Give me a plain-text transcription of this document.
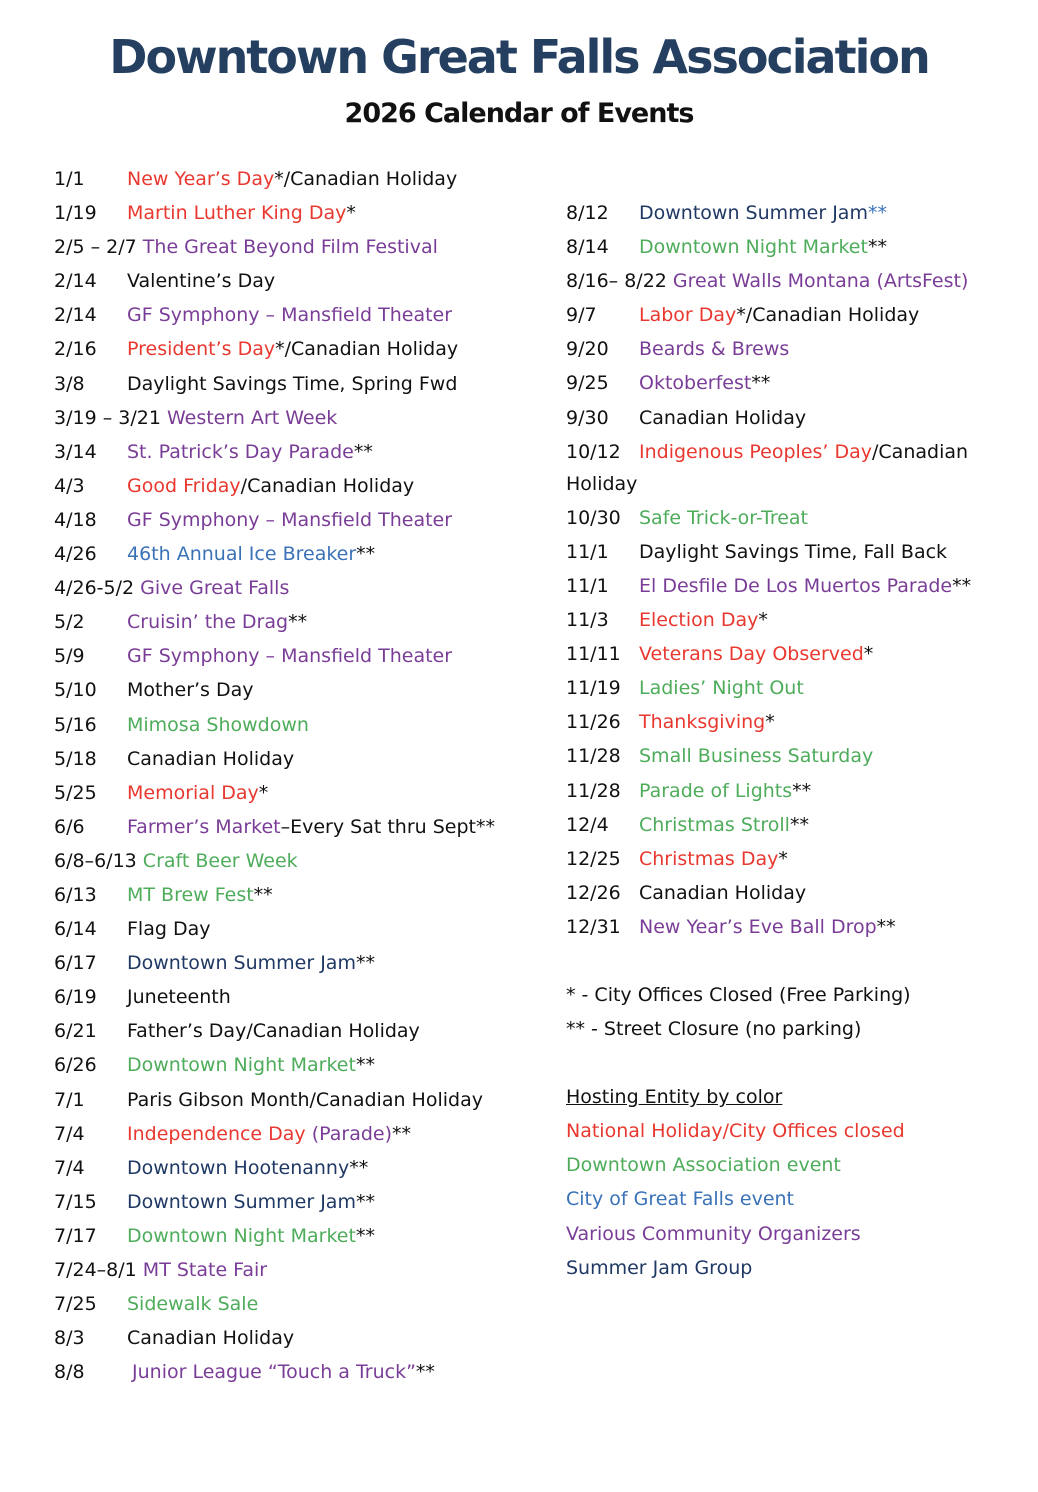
Downtown Great Falls Association
2026 Calendar of Events
1/1 New Year’s Day*/Canadian Holiday
1/19 Martin Luther King Day*
2/5 – 2/7 The Great Beyond Film Festival
2/14 Valentine’s Day
2/14 GF Symphony – Mansfield Theater
2/16 President’s Day*/Canadian Holiday
3/8 Daylight Savings Time, Spring Fwd
3/19 – 3/21 Western Art Week
3/14 St. Patrick’s Day Parade**
4/3 Good Friday/Canadian Holiday
4/18 GF Symphony – Mansfield Theater
4/26 46th Annual Ice Breaker**
4/26-5/2 Give Great Falls
5/2 Cruisin’ the Drag**
5/9 GF Symphony – Mansfield Theater
5/10 Mother’s Day
5/16 Mimosa Showdown
5/18 Canadian Holiday
5/25 Memorial Day*
6/6 Farmer’s Market–Every Sat thru Sept**
6/8–6/13 Craft Beer Week
6/13 MT Brew Fest**
6/14 Flag Day
6/17 Downtown Summer Jam**
6/19 Juneteenth
6/21 Father’s Day/Canadian Holiday
6/26 Downtown Night Market**
7/1 Paris Gibson Month/Canadian Holiday
7/4 Independence Day (Parade)**
7/4 Downtown Hootenanny**
7/15 Downtown Summer Jam**
7/17 Downtown Night Market**
7/24–8/1 MT State Fair
7/25 Sidewalk Sale
8/3 Canadian Holiday
8/8 Junior League “Touch a Truck”**
8/12 Downtown Summer Jam**
8/14 Downtown Night Market**
8/16– 8/22 Great Walls Montana (ArtsFest)
9/7 Labor Day*/Canadian Holiday
9/20 Beards & Brews
9/25 Oktoberfest**
9/30 Canadian Holiday
10/12 Indigenous Peoples’ Day/Canadian Holiday
10/30 Safe Trick-or-Treat
11/1 Daylight Savings Time, Fall Back
11/1 El Desfile De Los Muertos Parade**
11/3 Election Day*
11/11 Veterans Day Observed*
11/19 Ladies’ Night Out
11/26 Thanksgiving*
11/28 Small Business Saturday
11/28 Parade of Lights**
12/4 Christmas Stroll**
12/25 Christmas Day*
12/26 Canadian Holiday
12/31 New Year’s Eve Ball Drop**
* - City Offices Closed (Free Parking)
** - Street Closure (no parking)
Hosting Entity by color
National Holiday/City Offices closed
Downtown Association event
City of Great Falls event
Various Community Organizers
Summer Jam Group
